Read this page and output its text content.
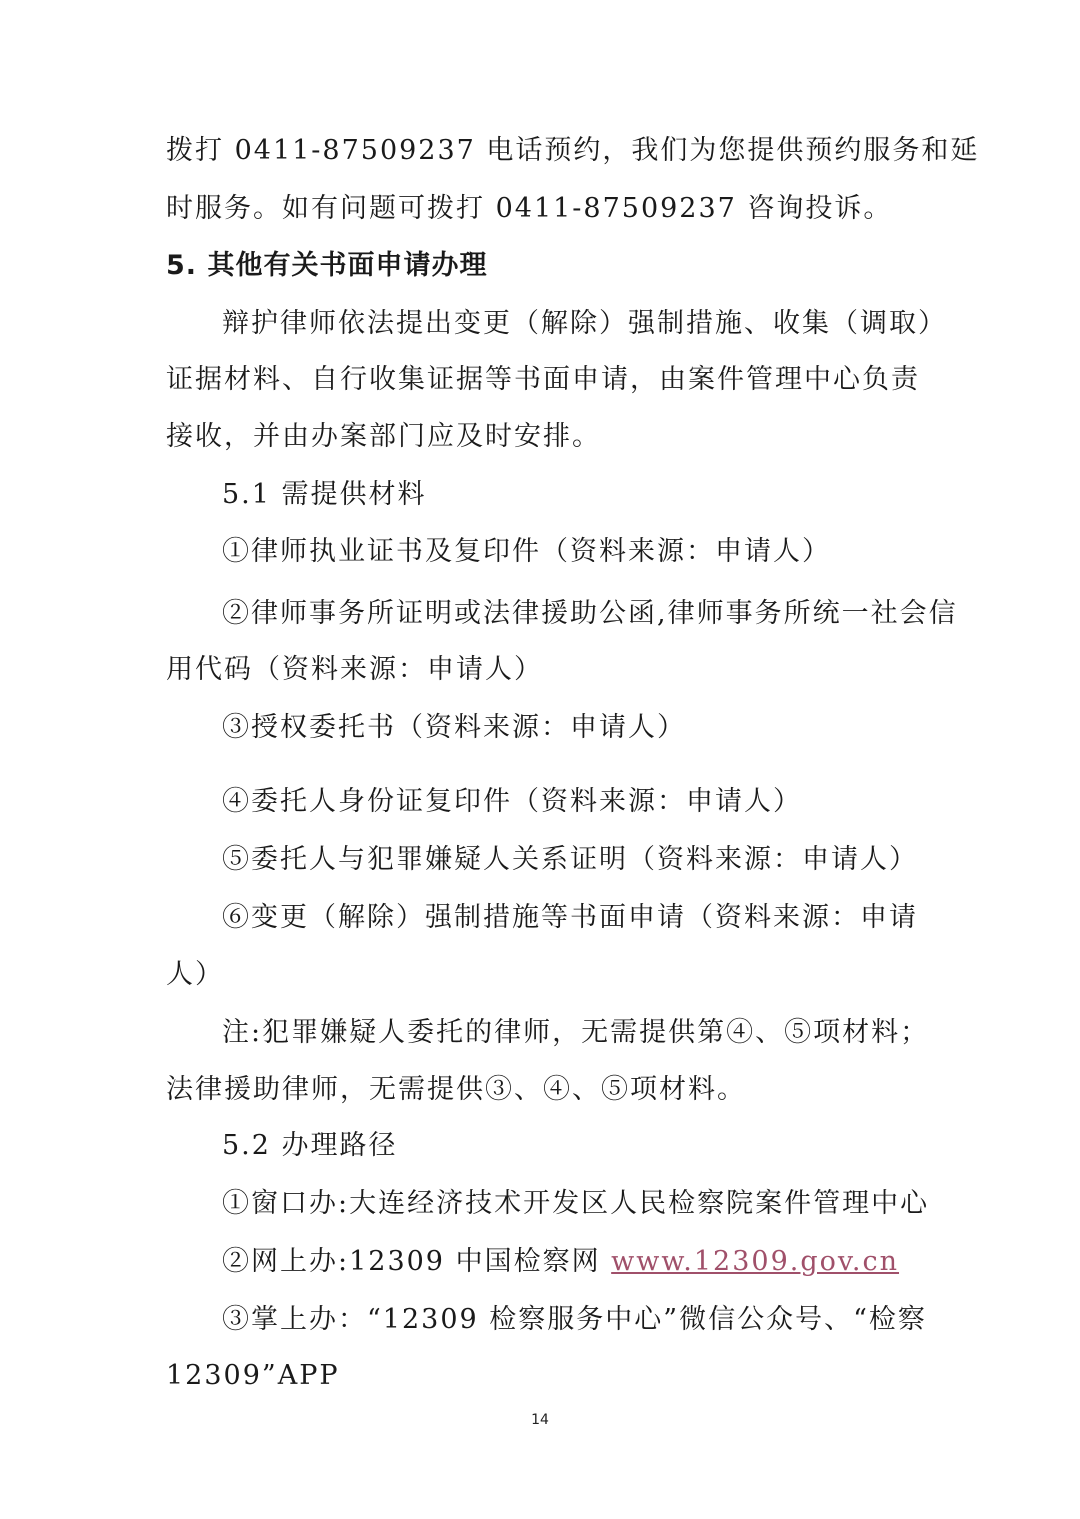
拨打 0411-87509237 电话预约，我们为您提供预约服务和延
时服务。如有问题可拨打 0411-87509237 咨询投诉。
5. 其他有关书面申请办理
辩护律师依法提出变更（解除）强制措施、收集（调取）
证据材料、自行收集证据等书面申请，由案件管理中心负责
接收，并由办案部门应及时安排。
5.1 需提供材料
①律师执业证书及复印件（资料来源：申请人）
②律师事务所证明或法律援助公函,律师事务所统一社会信
用代码（资料来源：申请人）
③授权委托书（资料来源：申请人）
④委托人身份证复印件（资料来源：申请人）
⑤委托人与犯罪嫌疑人关系证明（资料来源：申请人）
⑥变更（解除）强制措施等书面申请（资料来源：申请
人）
注:犯罪嫌疑人委托的律师，无需提供第④、⑤项材料；
法律援助律师，无需提供③、④、⑤项材料。
5.2 办理路径
①窗口办:大连经济技术开发区人民检察院案件管理中心
②网上办:12309 中国检察网 www.12309.gov.cn
③掌上办：“12309 检察服务中心”微信公众号、“检察
12309”APP
14
